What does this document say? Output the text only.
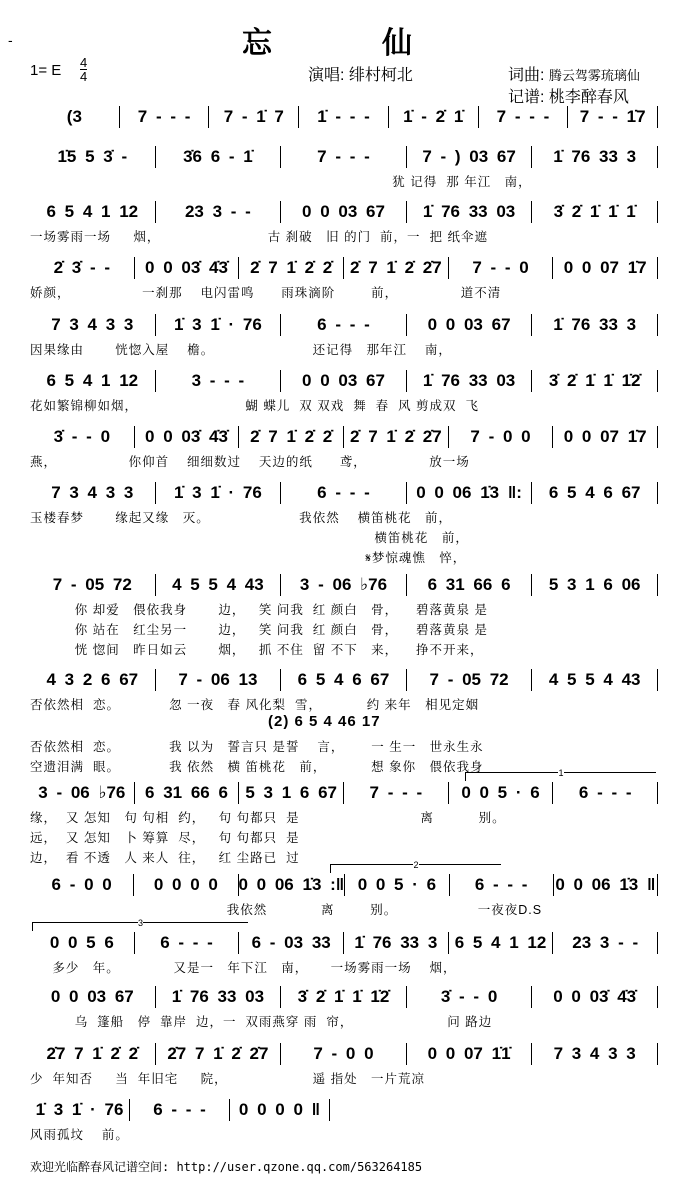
-	忘　仙
1= E $\frac{4}{4}$	演唱: 绯村柯北	词曲: 腾云驾雾琉璃仙
记谱: 桃李醉春风
(3	7 - - -	7 - 1̇ 7	1̇ - - -	1̇ - 2̇ 1̇	7 - - -	7 - - 1̇7
1̇5 5 3̇ -	3̇6 6 - 1̇	7 - - -	7 - ) 03 67	1̇ 76 33 3
犹 记得  那 年江   南，
6 5 4 1 12	23 3 - -	0 0 03 67	1̇ 76 33 03	3̇ 2̇ 1̇ 1̇ 1̇
一场雾雨一场     烟，                        古 刹破   旧 的门  前，一  把 纸伞遮
2̇ 3̇ - -	0 0 03̇ 4̇3̇	2̇ 7 1̇ 2̇ 2̇	2̇ 7 1̇ 2̇ 2̇7	7 - - 0	0 0 07 1̇7
娇颜，                一刹那    电闪雷鸣      雨珠滴阶        前，              道不清
7 3 4 3 3	1̇ 3 1̇ · 76	6 - - -	0 0 03 67	1̇ 76 33 3
因果缘由       恍惚入屋    檐。                      还记得   那年江    南，
6 5 4 1 12	3 - - -	0 0 03 67	1̇ 76 33 03	3̇ 2̇ 1̇ 1̇ 1̇2̇
花如繁锦柳如烟，                        蝴 蝶儿  双 双戏  舞  春  风 剪成双  飞
3̇ - - 0	0 0 03̇ 4̇3̇	2̇ 7 1̇ 2̇ 2̇	2̇ 7 1̇ 2̇ 2̇7	7 - 0 0	0 0 07 1̇7
燕，                你仰首    细细数过    天边的纸      鸢，              放一场
7 3 4 3 3	1̇ 3 1̇ · 76	6 - - -	0 0 06 1̇3 ‖:	6 5 4 6 67
玉楼春梦       缘起又缘   灭。                    我依然    横笛桃花   前，
横笛桃花   前，
𝄋梦惊魂憔   悴，
7 - 05 72	4 5 5 4 43	3 - 06 ♭76	6 31 66 6	5 3 1 6 06
你 却爱   偎依我身       边，   笑 问我  红 颜白   骨，    碧落黄泉 是
你 站在   红尘另一       边，   笑 问我  红 颜白   骨，    碧落黄泉 是
恍 惚间   昨日如云       烟，   抓 不住  留 不下   来，    挣不开来，
4 3 2 6 67	7 - 06 13	6 5 4 6 67	7 - 05 72	4 5 5 4 43
否依然相  恋。           忽 一夜   春 风化梨  雪，          约 来年   相见定姻
(2) 6 5 4 46 17
否依然相  恋。           我 以为   誓言只 是誓    言，      一 生一   世永生永
空遗泪满  眼。           我 依然   横 笛桃花   前，          想 象你   偎依我身
3 - 06 ♭76	6 31 66 6	5 3 1 6 67	7 - - -	0 0 5 · 6	6 - - -
1
缘，  又 怎知   句 句相  约，   句 句都只  是                           离          别。
远，  又 怎知   卜 筹算  尽，   句 句都只  是
边，  看 不透   人 来人  往，   红 尘路已  过
6 - 0 0	0 0 0 0	0 0 06 1̇3 :‖ 0 0 5 · 6	6 - - -	0 0 06 1̇3 ‖
2
我依然            离        别。                  一夜夜D.S
0 0 5 6	6 - - -	6 - 03 33	1̇ 76 33 3	6 5 4 1 12	23 3 - -
3
多少   年。            又是一   年下江   南，     一场雾雨一场    烟，
0 0 03 67	1̇ 76 33 03	3̇ 2̇ 1̇ 1̇ 1̇2̇	3̇ - - 0	0 0 03̇ 4̇3̇
乌  篷船   停  靠岸  边，一  双雨燕穿 雨  帘，                     问 路边
2̇7 7 1̇ 2̇ 2̇	2̇7 7 1̇ 2̇ 2̇7	7 - 0 0	0 0 07 1̇1̇	7 3 4 3 3
少  年知否     当  年旧宅     院，                   遥 指处   一片荒凉
1̇ 3 1̇ · 76	6 - - -	0 0 0 0 ‖
风雨孤坟    前。
欢迎光临醉春风记谱空间: http://user.qzone.qq.com/563264185
